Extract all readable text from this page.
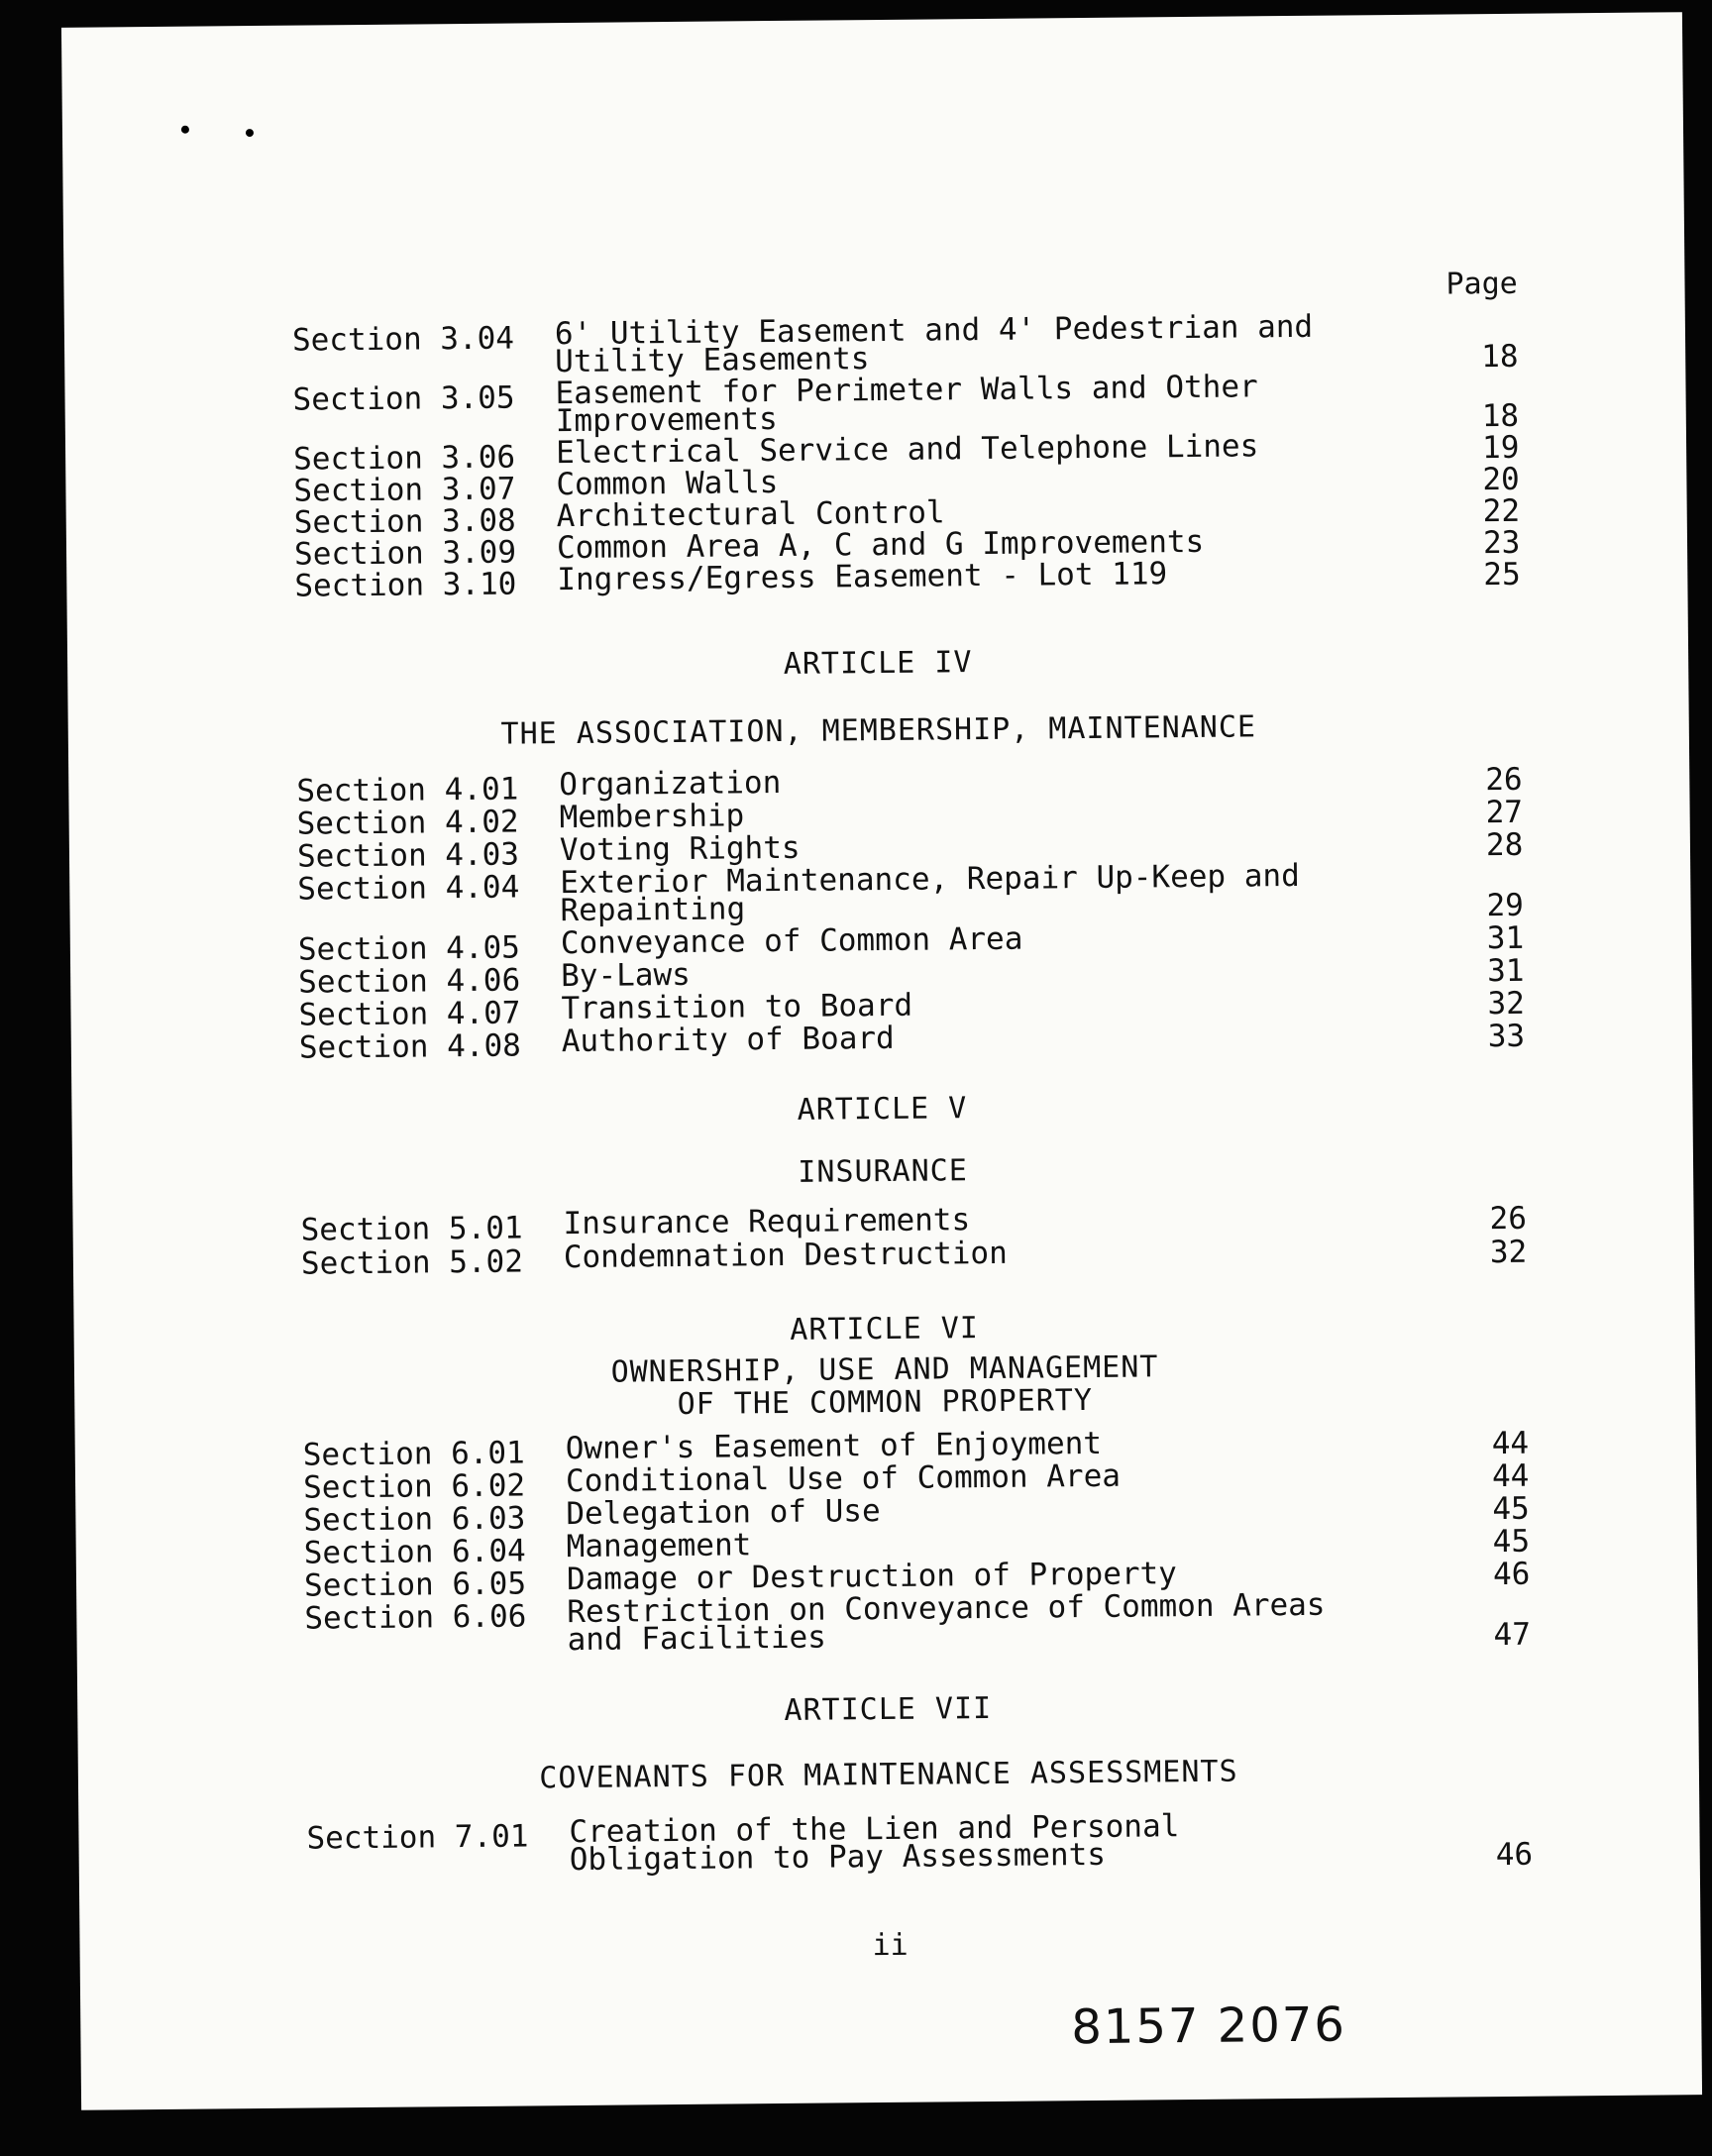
Page
Section 3.04 6' Utility Easement and 4' Pedestrian and Utility Easements	18
Section 3.05 Easement for Perimeter Walls and Other Improvements	18
Section 3.06 Electrical Service and Telephone Lines	19
Section 3.07 Common Walls	20
Section 3.08 Architectural Control	22
Section 3.09 Common Area A, C and G Improvements	23
Section 3.10 Ingress/Egress Easement - Lot 119	25
ARTICLE IV
THE ASSOCIATION, MEMBERSHIP, MAINTENANCE
Section 4.01 Organization	26
Section 4.02 Membership	27
Section 4.03 Voting Rights	28
Section 4.04 Exterior Maintenance, Repair Up-Keep and Repainting	29
Section 4.05 Conveyance of Common Area	31
Section 4.06 By-Laws	31
Section 4.07 Transition to Board	32
Section 4.08 Authority of Board	33
ARTICLE V
INSURANCE
Section 5.01 Insurance Requirements	26
Section 5.02 Condemnation Destruction	32
ARTICLE VI
OWNERSHIP, USE AND MANAGEMENT
OF THE COMMON PROPERTY
Section 6.01 Owner's Easement of Enjoyment	44
Section 6.02 Conditional Use of Common Area	44
Section 6.03 Delegation of Use	45
Section 6.04 Management	45
Section 6.05 Damage or Destruction of Property	46
Section 6.06 Restriction on Conveyance of Common Areas and Facilities	47
ARTICLE VII
COVENANTS FOR MAINTENANCE ASSESSMENTS
Section 7.01 Creation of the Lien and Personal Obligation to Pay Assessments	46
ii
8157 2076
